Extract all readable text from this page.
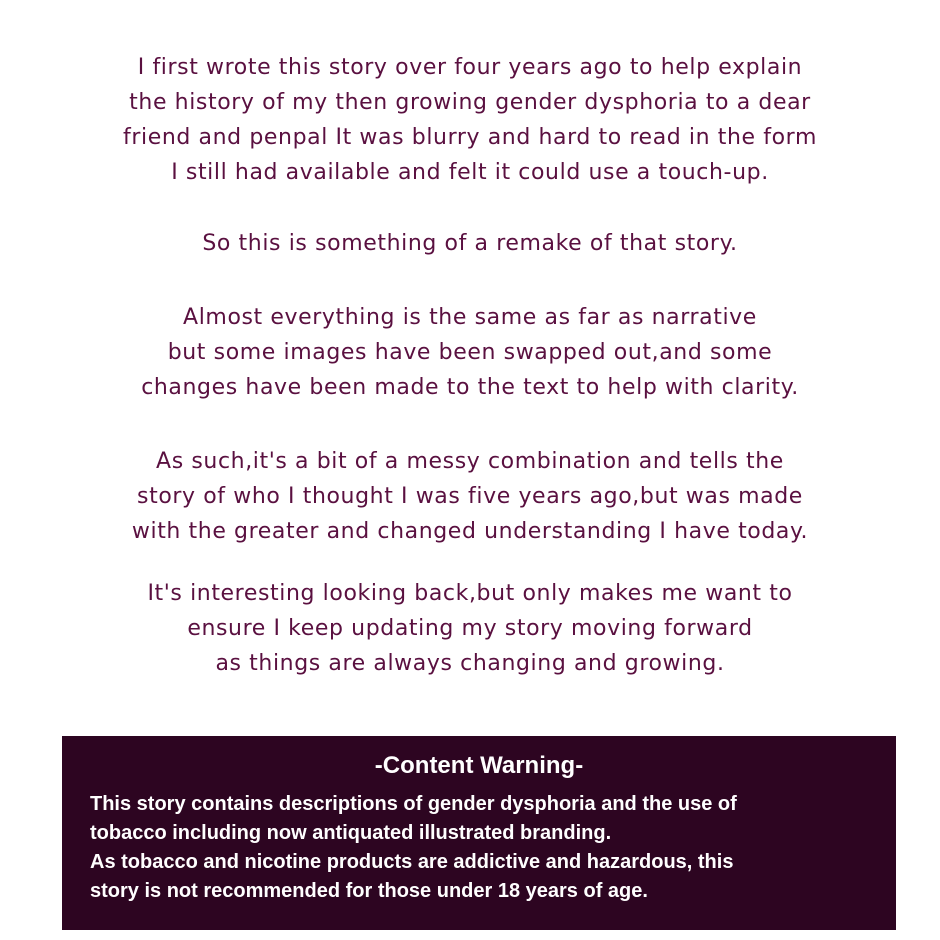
I first wrote this story over four years ago to help explain
the history of my then growing gender dysphoria to a dear
friend and penpal It was blurry and hard to read in the form
I still had available and felt it could use a touch-up.

So this is something of a remake of that story.

Almost everything is the same as far as narrative
but some images have been swapped out,and some
changes have been made to the text to help with clarity.

As such,it's a bit of a messy combination and tells the
story of who I thought I was five years ago,but was made
with the greater and changed understanding I have today.

It's interesting looking back,but only makes me want to
ensure I keep updating my story moving forward
as things are always changing and growing.

-Content Warning-
This story contains descriptions of gender dysphoria and the use of
tobacco including now antiquated illustrated branding.
As tobacco and nicotine products are addictive and hazardous, this
story is not recommended for those under 18 years of age.
